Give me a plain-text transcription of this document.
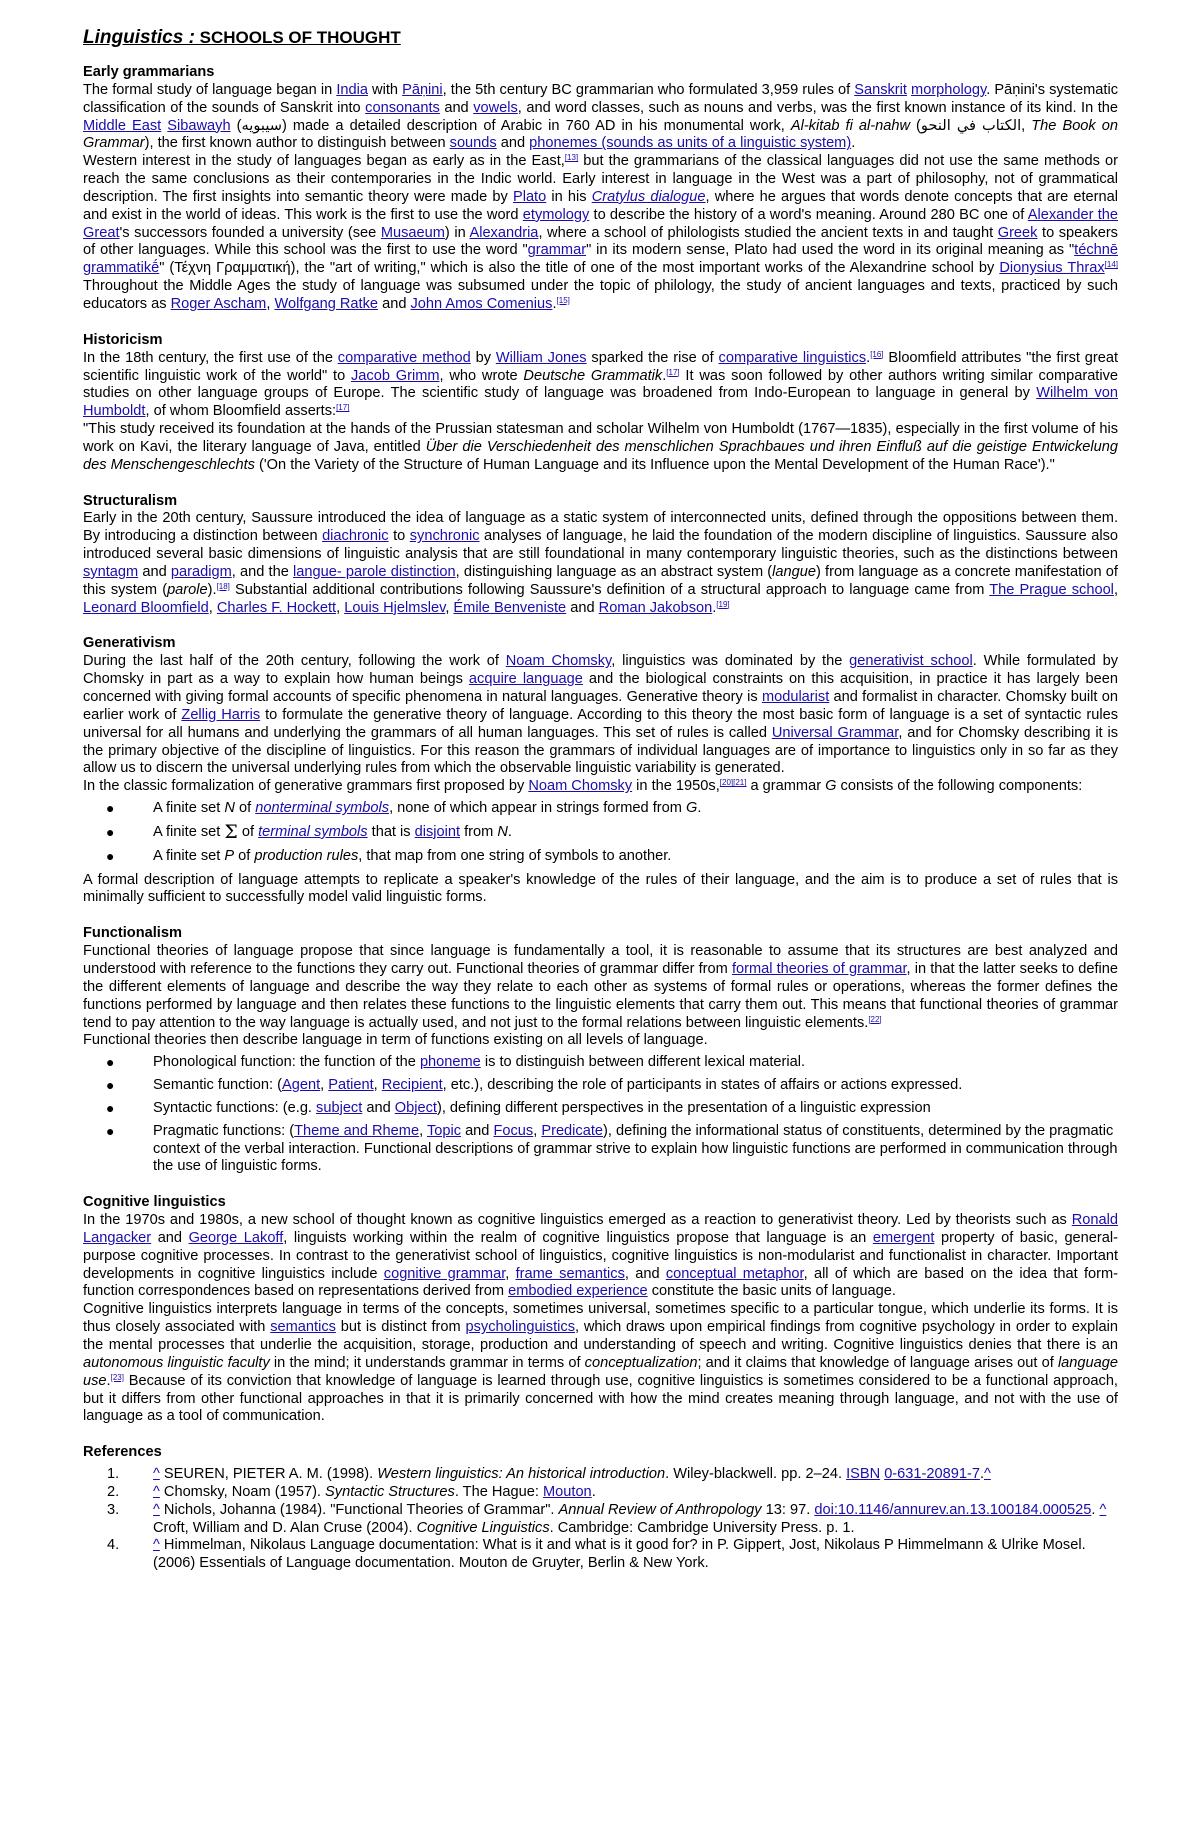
Linguistics : SCHOOLS OF THOUGHT
Early grammarians

The formal study of language began in India with Pāṇini, the 5th century BC grammarian who formulated 3,959 rules of Sanskrit morphology. Pāṇini's systematic classification of the sounds of Sanskrit into consonants and vowels, and word classes, such as nouns and verbs, was the first known instance of its kind. In the Middle East Sibawayh (سیبویه) made a detailed description of Arabic in 760 AD in his monumental work, Al-kitab fi al-nahw (الكتاب في النحو, The Book on Grammar), the first known author to distinguish between sounds and phonemes (sounds as units of a linguistic system).

Western interest in the study of languages began as early as in the East,[13] but the grammarians of the classical languages did not use the same methods or reach the same conclusions as their contemporaries in the Indic world. Early interest in language in the West was a part of philosophy, not of grammatical description. The first insights into semantic theory were made by Plato in his Cratylus dialogue, where he argues that words denote concepts that are eternal and exist in the world of ideas. This work is the first to use the word etymology to describe the history of a word's meaning. Around 280 BC one of Alexander the Great's successors founded a university (see Musaeum) in Alexandria, where a school of philologists studied the ancient texts in and taught Greek to speakers of other languages. While this school was the first to use the word "grammar" in its modern sense, Plato had used the word in its original meaning as "téchnē grammatikḗ" (Τέχνη Γραμματική), the "art of writing," which is also the title of one of the most important works of the Alexandrine school by Dionysius Thrax[14] Throughout the Middle Ages the study of language was subsumed under the topic of philology, the study of ancient languages and texts, practiced by such educators as Roger Ascham, Wolfgang Ratke and John Amos Comenius.[15]

Historicism

In the 18th century, the first use of the comparative method by William Jones sparked the rise of comparative linguistics.[16] Bloomfield attributes "the first great scientific linguistic work of the world" to Jacob Grimm, who wrote Deutsche Grammatik.[17] It was soon followed by other authors writing similar comparative studies on other language groups of Europe. The scientific study of language was broadened from Indo-European to language in general by Wilhelm von Humboldt, of whom Bloomfield asserts:[17]

"This study received its foundation at the hands of the Prussian statesman and scholar Wilhelm von Humboldt (1767—1835), especially in the first volume of his work on Kavi, the literary language of Java, entitled Über die Verschiedenheit des menschlichen Sprachbaues und ihren Einfluß auf die geistige Entwickelung des Menschengeschlechts ('On the Variety of the Structure of Human Language and its Influence upon the Mental Development of the Human Race')."

Structuralism

Early in the 20th century, Saussure introduced the idea of language as a static system of interconnected units, defined through the oppositions between them. By introducing a distinction between diachronic to synchronic analyses of language, he laid the foundation of the modern discipline of linguistics. Saussure also introduced several basic dimensions of linguistic analysis that are still foundational in many contemporary linguistic theories, such as the distinctions between syntagm and paradigm, and the langue- parole distinction, distinguishing language as an abstract system (langue) from language as a concrete manifestation of this system (parole).[18] Substantial additional contributions following Saussure's definition of a structural approach to language came from The Prague school, Leonard Bloomfield, Charles F. Hockett, Louis Hjelmslev, Émile Benveniste and Roman Jakobson.[19]

Generativism

During the last half of the 20th century, following the work of Noam Chomsky, linguistics was dominated by the generativist school. While formulated by Chomsky in part as a way to explain how human beings acquire language and the biological constraints on this acquisition, in practice it has largely been concerned with giving formal accounts of specific phenomena in natural languages. Generative theory is modularist and formalist in character. Chomsky built on earlier work of Zellig Harris to formulate the generative theory of language. According to this theory the most basic form of language is a set of syntactic rules universal for all humans and underlying the grammars of all human languages. This set of rules is called Universal Grammar, and for Chomsky describing it is the primary objective of the discipline of linguistics. For this reason the grammars of individual languages are of importance to linguistics only in so far as they allow us to discern the universal underlying rules from which the observable linguistic variability is generated.

In the classic formalization of generative grammars first proposed by Noam Chomsky in the 1950s,[20][21] a grammar G consists of the following components:

●	A finite set N of nonterminal symbols, none of which appear in strings formed from G.
●	A finite set Σ of terminal symbols that is disjoint from N.
●	A finite set P of production rules, that map from one string of symbols to another.

A formal description of language attempts to replicate a speaker's knowledge of the rules of their language, and the aim is to produce a set of rules that is minimally sufficient to successfully model valid linguistic forms.

Functionalism

Functional theories of language propose that since language is fundamentally a tool, it is reasonable to assume that its structures are best analyzed and understood with reference to the functions they carry out. Functional theories of grammar differ from formal theories of grammar, in that the latter seeks to define the different elements of language and describe the way they relate to each other as systems of formal rules or operations, whereas the former defines the functions performed by language and then relates these functions to the linguistic elements that carry them out. This means that functional theories of grammar tend to pay attention to the way language is actually used, and not just to the formal relations between linguistic elements.[22]

Functional theories then describe language in term of functions existing on all levels of language.

●	Phonological function: the function of the phoneme is to distinguish between different lexical material.
●	Semantic function: (Agent, Patient, Recipient, etc.), describing the role of participants in states of affairs or actions expressed.
●	Syntactic functions: (e.g. subject and Object), defining different perspectives in the presentation of a linguistic expression
●	Pragmatic functions: (Theme and Rheme, Topic and Focus, Predicate), defining the informational status of constituents, determined by the pragmatic context of the verbal interaction. Functional descriptions of grammar strive to explain how linguistic functions are performed in communication through the use of linguistic forms.
Cognitive linguistics

In the 1970s and 1980s, a new school of thought known as cognitive linguistics emerged as a reaction to generativist theory. Led by theorists such as Ronald Langacker and George Lakoff, linguists working within the realm of cognitive linguistics propose that language is an emergent property of basic, general-purpose cognitive processes. In contrast to the generativist school of linguistics, cognitive linguistics is non-modularist and functionalist in character. Important developments in cognitive linguistics include cognitive grammar, frame semantics, and conceptual metaphor, all of which are based on the idea that form-function correspondences based on representations derived from embodied experience constitute the basic units of language.

Cognitive linguistics interprets language in terms of the concepts, sometimes universal, sometimes specific to a particular tongue, which underlie its forms. It is thus closely associated with semantics but is distinct from psycholinguistics, which draws upon empirical findings from cognitive psychology in order to explain the mental processes that underlie the acquisition, storage, production and understanding of speech and writing. Cognitive linguistics denies that there is an autonomous linguistic faculty in the mind; it understands grammar in terms of conceptualization; and it claims that knowledge of language arises out of language use.[23] Because of its conviction that knowledge of language is learned through use, cognitive linguistics is sometimes considered to be a functional approach, but it differs from other functional approaches in that it is primarily concerned with how the mind creates meaning through language, and not with the use of language as a tool of communication.

References
1. ^ SEUREN, PIETER A. M. (1998). Western linguistics: An historical introduction. Wiley-blackwell. pp. 2–24. ISBN 0-631-20891-7.^
2. ^ Chomsky, Noam (1957). Syntactic Structures. The Hague: Mouton.
3. ^ Nichols, Johanna (1984). "Functional Theories of Grammar". Annual Review of Anthropology 13: 97. doi:10.1146/annurev.an.13.100184.000525. ^ Croft, William and D. Alan Cruse (2004). Cognitive Linguistics. Cambridge: Cambridge University Press. p. 1.
4. ^ Himmelman, Nikolaus Language documentation: What is it and what is it good for? in P. Gippert, Jost, Nikolaus P Himmelmann & Ulrike Mosel. (2006) Essentials of Language documentation. Mouton de Gruyter, Berlin & New York.
